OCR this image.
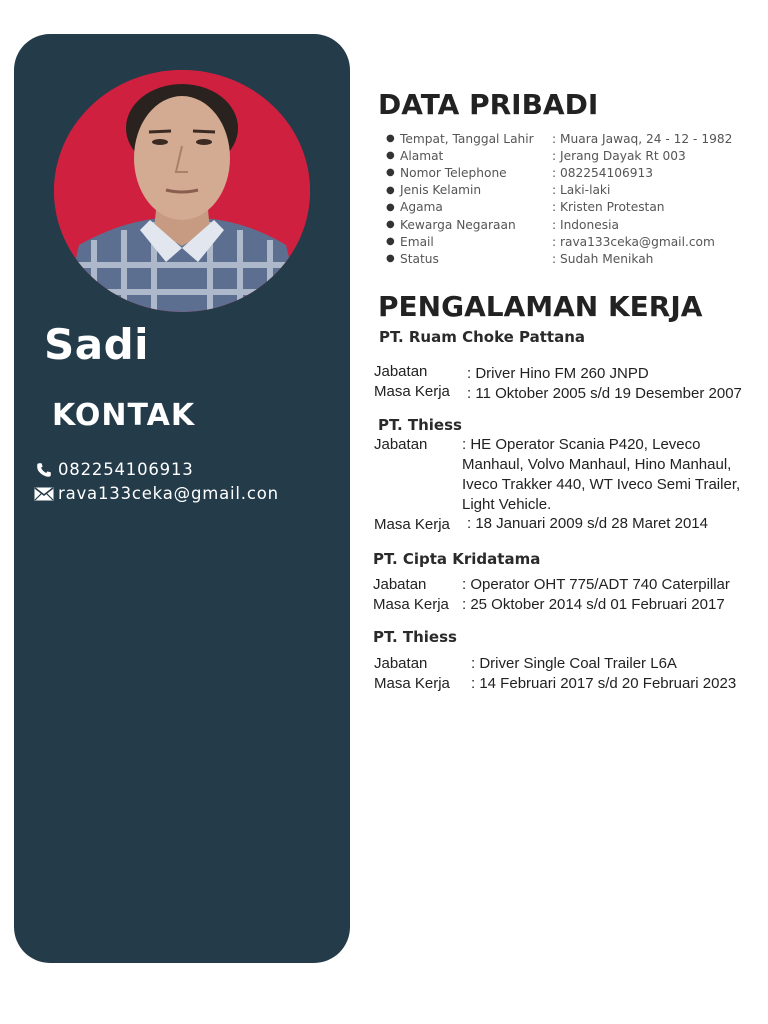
Sadi
KONTAK
082254106913
rava133ceka@gmail.con
DATA PRIBADI
● Tempat, Tanggal Lahir	: Muara Jawaq, 24 - 12 - 1982
● Alamat	: Jerang Dayak Rt 003
● Nomor Telephone	: 082254106913
● Jenis Kelamin	: Laki-laki
● Agama	: Kristen Protestan
● Kewarga Negaraan	: Indonesia
● Email	: rava133ceka@gmail.com
● Status	: Sudah Menikah
PENGALAMAN KERJA
PT. Ruam Choke Pattana
Jabatan	: Driver Hino FM 260 JNPD
Masa Kerja	: 11 Oktober 2005 s/d 19 Desember 2007
PT. Thiess
Jabatan	: HE Operator Scania P420, Leveco Manhaul, Volvo Manhaul, Hino Manhaul, Iveco Trakker 440, WT Iveco Semi Trailer, Light Vehicle.
Masa Kerja	: 18 Januari 2009 s/d 28 Maret 2014
PT. Cipta Kridatama
Jabatan	: Operator OHT 775/ADT 740 Caterpillar
Masa Kerja : 25 Oktober 2014 s/d 01 Februari 2017
PT. Thiess
Jabatan	: Driver Single Coal Trailer L6A
Masa Kerja	: 14 Februari 2017 s/d 20 Februari 2023
